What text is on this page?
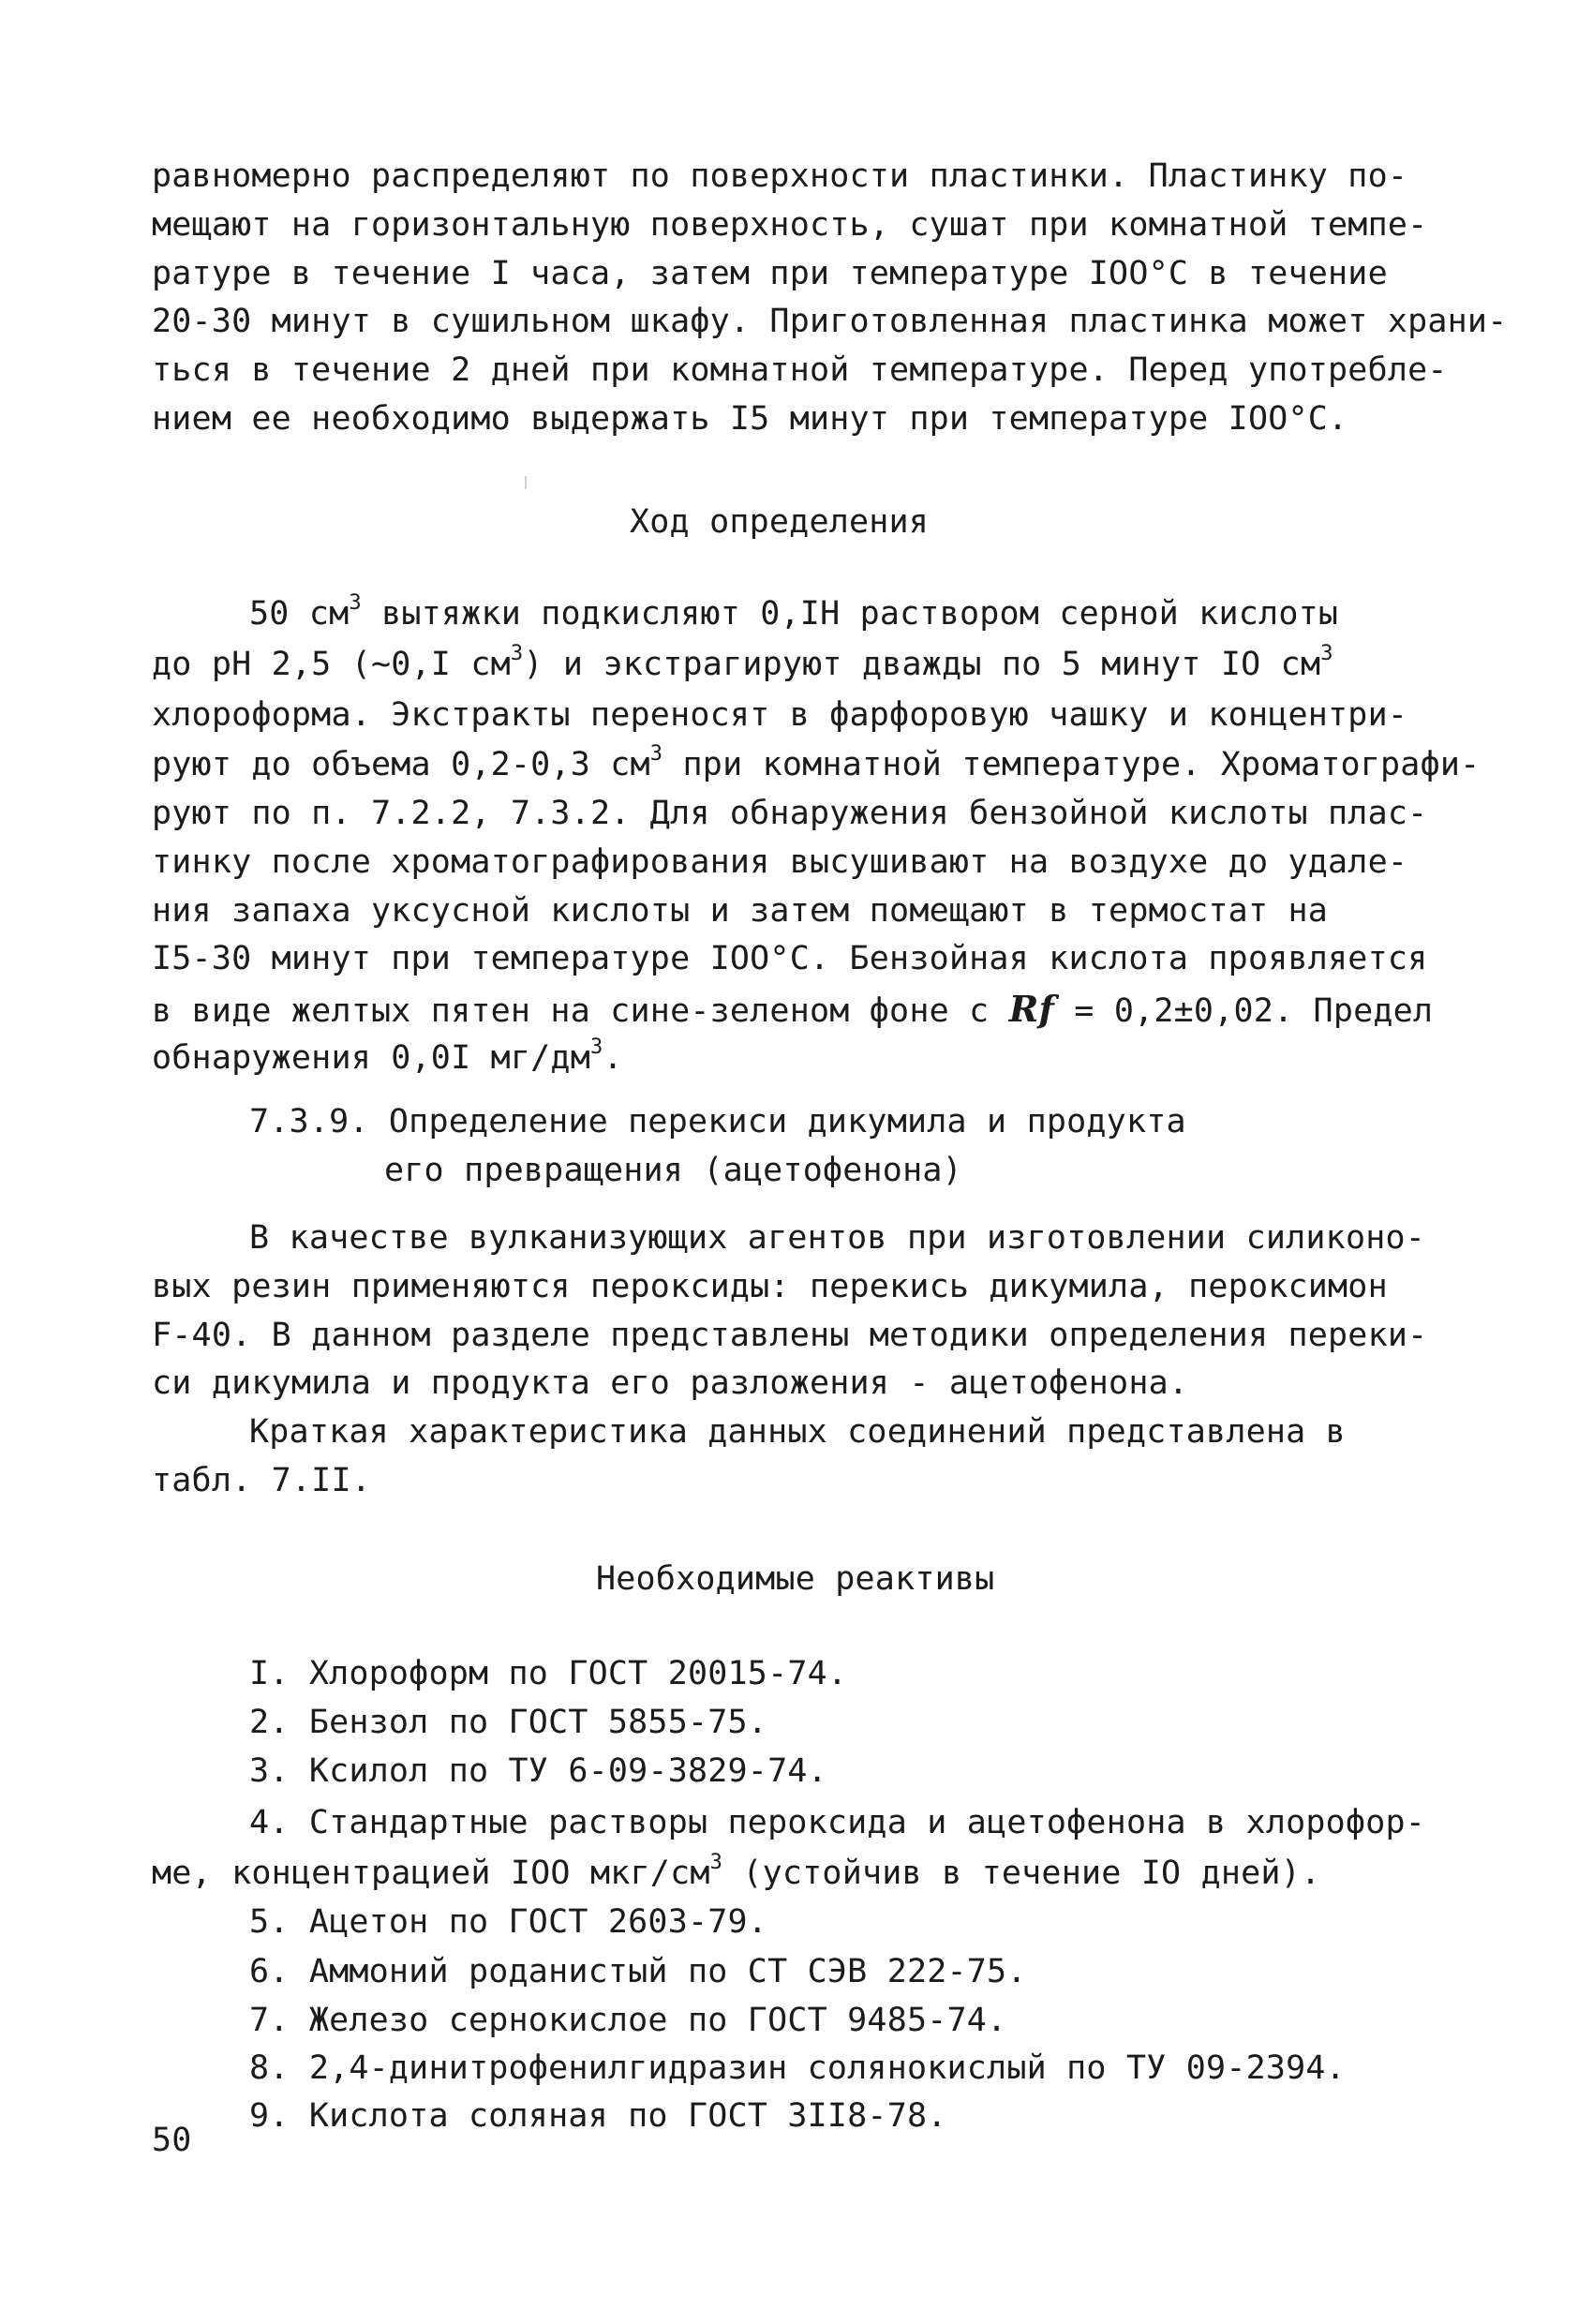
равномерно распределяют по поверхности пластинки. Пластинку по-
мещают на горизонтальную поверхность, сушат при комнатной темпе-
ратуре в течение I часа, затем при температуре IOO°C в течение
20-30 минут в сушильном шкафу. Приготовленная пластинка может храни-
ться в течение 2 дней при комнатной температуре. Перед употребле-
нием ее необходимо выдержать I5 минут при температуре IOO°C.
Ход определения
50 $см^3$ вытяжки подкисляют 0,IH раствором серной кислоты
до pH 2,5 (~0,I $см^3$) и экстрагируют дважды по 5 минут IO $см^3$
хлороформа. Экстракты переносят в фарфоровую чашку и концентри-
руют до объема 0,2-0,3 $см^3$ при комнатной температуре. Хроматографи-
руют по п. 7.2.2, 7.3.2. Для обнаружения бензойной кислоты плас-
тинку после хроматографирования высушивают на воздухе до удале-
ния запаха уксусной кислоты и затем помещают в термостат на
I5-30 минут при температуре IOO°C. Бензойная кислота проявляется
в виде желтых пятен на сине-зеленом фоне с Rf = 0,2±0,02. Предел
обнаружения 0,0I $мг/дм^3$.
7.3.9. Определение перекиси дикумила и продукта
его превращения (ацетофенона)
В качестве вулканизующих агентов при изготовлении силиконо-
вых резин применяются пероксиды: перекись дикумила, пероксимон
F-40. В данном разделе представлены методики определения переки-
си дикумила и продукта его разложения - ацетофенона.
Краткая характеристика данных соединений представлена в
табл. 7.II.
Необходимые реактивы
I. Хлороформ по ГОСТ 20015-74.
2. Бензол по ГОСТ 5855-75.
3. Ксилол по ТУ 6-09-3829-74.
4. Стандартные растворы пероксида и ацетофенона в хлорофор-
ме, концентрацией IOO мкг/$см^3$ (устойчив в течение IO дней).
5. Ацетон по ГОСТ 2603-79.
6. Аммоний роданистый по СТ СЭВ 222-75.
7. Железо сернокислое по ГОСТ 9485-74.
8. 2,4-динитрофенилгидразин солянокислый по ТУ 09-2394.
9. Кислота соляная по ГОСТ 3II8-78.
50
